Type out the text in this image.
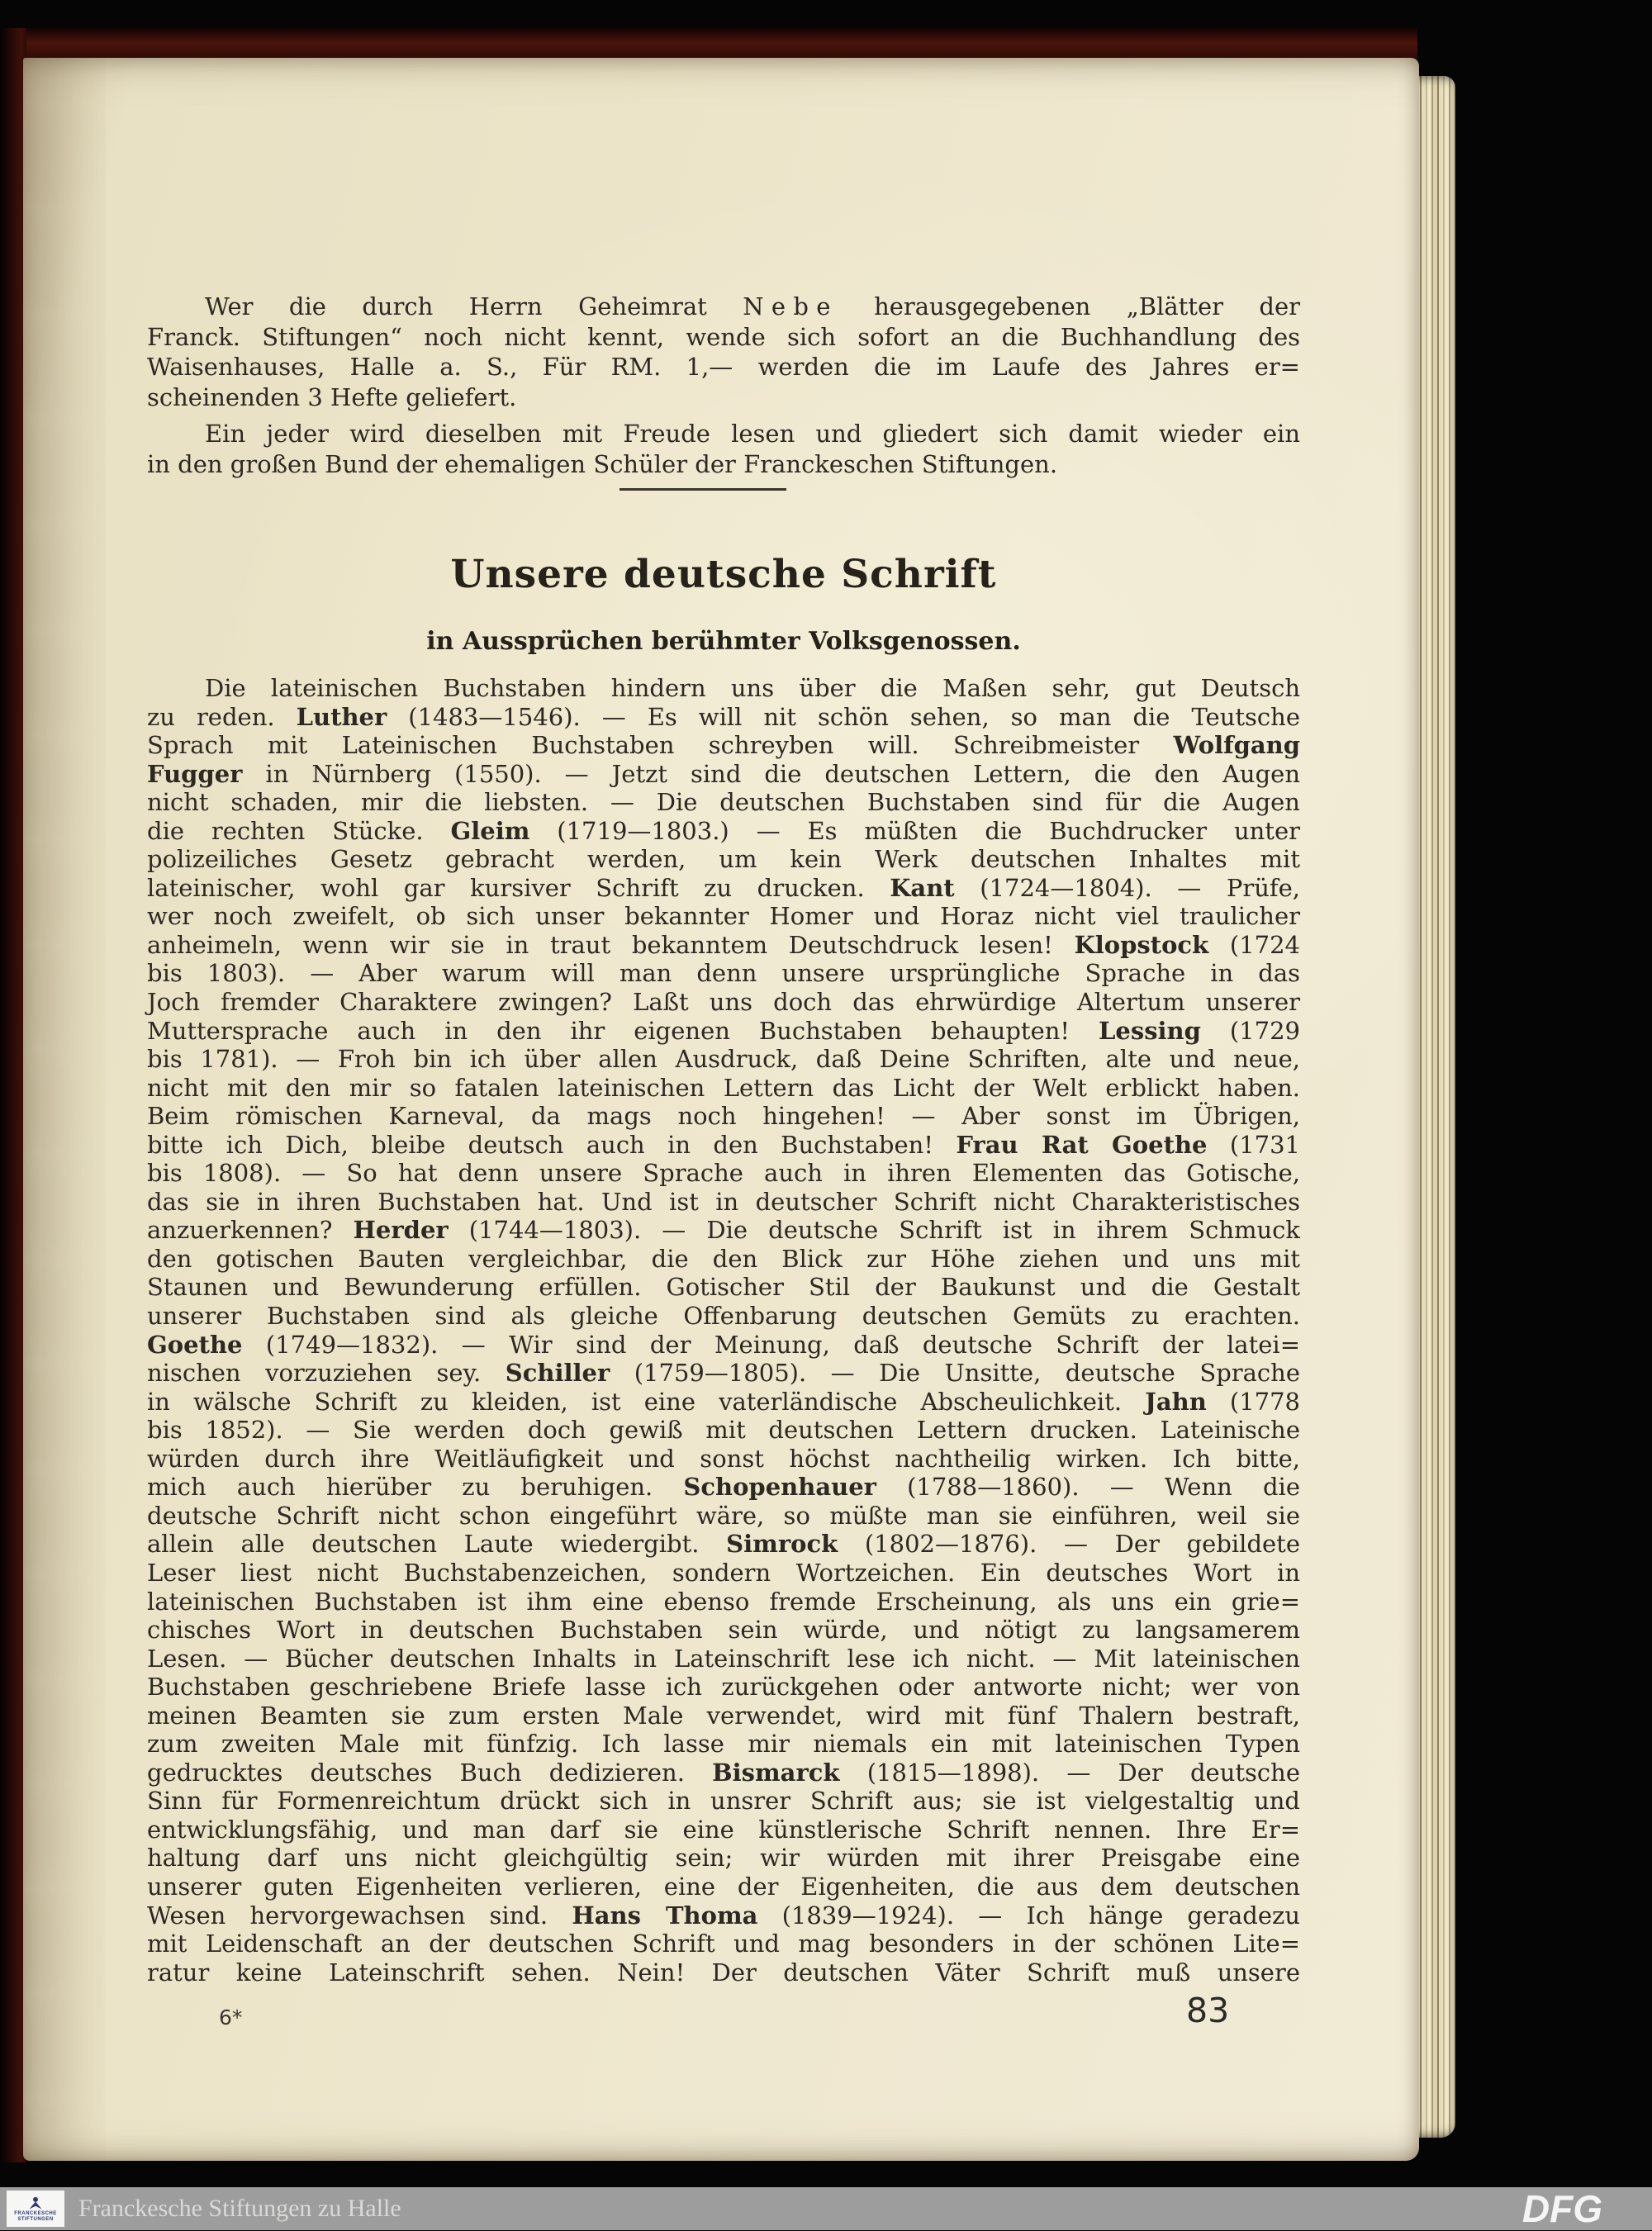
Wer die durch Herrn Geheimrat Nebe herausgegebenen „Blätter der
Franck. Stiftungen“ noch nicht kennt, wende sich sofort an die Buchhandlung des
Waisenhauses, Halle a. S., Für RM. 1,— werden die im Laufe des Jahres er=
scheinenden 3 Hefte geliefert.
Ein jeder wird dieselben mit Freude lesen und gliedert sich damit wieder ein
in den großen Bund der ehemaligen Schüler der Franckeschen Stiftungen.
Unsere deutsche Schrift
in Aussprüchen berühmter Volksgenossen.
Die lateinischen Buchstaben hindern uns über die Maßen sehr, gut Deutsch
zu reden. Luther (1483—1546). — Es will nit schön sehen, so man die Teutsche
Sprach mit Lateinischen Buchstaben schreyben will. Schreibmeister Wolfgang
Fugger in Nürnberg (1550). — Jetzt sind die deutschen Lettern, die den Augen
nicht schaden, mir die liebsten. — Die deutschen Buchstaben sind für die Augen
die rechten Stücke. Gleim (1719—1803.) — Es müßten die Buchdrucker unter
polizeiliches Gesetz gebracht werden, um kein Werk deutschen Inhaltes mit
lateinischer, wohl gar kursiver Schrift zu drucken. Kant (1724—1804). — Prüfe,
wer noch zweifelt, ob sich unser bekannter Homer und Horaz nicht viel traulicher
anheimeln, wenn wir sie in traut bekanntem Deutschdruck lesen! Klopstock (1724
bis 1803). — Aber warum will man denn unsere ursprüngliche Sprache in das
Joch fremder Charaktere zwingen? Laßt uns doch das ehrwürdige Altertum unserer
Muttersprache auch in den ihr eigenen Buchstaben behaupten! Lessing (1729
bis 1781). — Froh bin ich über allen Ausdruck, daß Deine Schriften, alte und neue,
nicht mit den mir so fatalen lateinischen Lettern das Licht der Welt erblickt haben.
Beim römischen Karneval, da mags noch hingehen! — Aber sonst im Übrigen,
bitte ich Dich, bleibe deutsch auch in den Buchstaben! Frau Rat Goethe (1731
bis 1808). — So hat denn unsere Sprache auch in ihren Elementen das Gotische,
das sie in ihren Buchstaben hat. Und ist in deutscher Schrift nicht Charakteristisches
anzuerkennen? Herder (1744—1803). — Die deutsche Schrift ist in ihrem Schmuck
den gotischen Bauten vergleichbar, die den Blick zur Höhe ziehen und uns mit
Staunen und Bewunderung erfüllen. Gotischer Stil der Baukunst und die Gestalt
unserer Buchstaben sind als gleiche Offenbarung deutschen Gemüts zu erachten.
Goethe (1749—1832). — Wir sind der Meinung, daß deutsche Schrift der latei=
nischen vorzuziehen sey. Schiller (1759—1805). — Die Unsitte, deutsche Sprache
in wälsche Schrift zu kleiden, ist eine vaterländische Abscheulichkeit. Jahn (1778
bis 1852). — Sie werden doch gewiß mit deutschen Lettern drucken. Lateinische
würden durch ihre Weitläufigkeit und sonst höchst nachtheilig wirken. Ich bitte,
mich auch hierüber zu beruhigen. Schopenhauer (1788—1860). — Wenn die
deutsche Schrift nicht schon eingeführt wäre, so müßte man sie einführen, weil sie
allein alle deutschen Laute wiedergibt. Simrock (1802—1876). — Der gebildete
Leser liest nicht Buchstabenzeichen, sondern Wortzeichen. Ein deutsches Wort in
lateinischen Buchstaben ist ihm eine ebenso fremde Erscheinung, als uns ein grie=
chisches Wort in deutschen Buchstaben sein würde, und nötigt zu langsamerem
Lesen. — Bücher deutschen Inhalts in Lateinschrift lese ich nicht. — Mit lateinischen
Buchstaben geschriebene Briefe lasse ich zurückgehen oder antworte nicht; wer von
meinen Beamten sie zum ersten Male verwendet, wird mit fünf Thalern bestraft,
zum zweiten Male mit fünfzig. Ich lasse mir niemals ein mit lateinischen Typen
gedrucktes deutsches Buch dedizieren. Bismarck (1815—1898). — Der deutsche
Sinn für Formenreichtum drückt sich in unsrer Schrift aus; sie ist vielgestaltig und
entwicklungsfähig, und man darf sie eine künstlerische Schrift nennen. Ihre Er=
haltung darf uns nicht gleichgültig sein; wir würden mit ihrer Preisgabe eine
unserer guten Eigenheiten verlieren, eine der Eigenheiten, die aus dem deutschen
Wesen hervorgewachsen sind. Hans Thoma (1839—1924). — Ich hänge geradezu
mit Leidenschaft an der deutschen Schrift und mag besonders in der schönen Lite=
ratur keine Lateinschrift sehen. Nein! Der deutschen Väter Schrift muß unsere
6*	83
FRANCKESCHE
STIFTUNGEN Franckesche Stiftungen zu Halle	DFG
